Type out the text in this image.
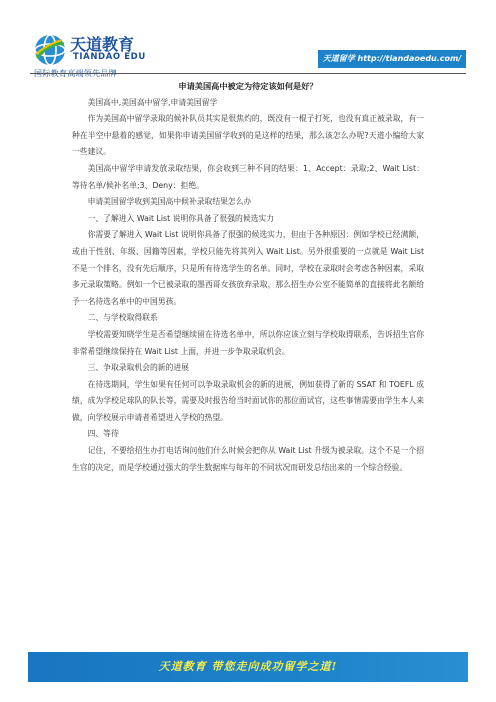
天道教育
TIANDAO EDU	天道留学 http://tiandaoedu.com/
申请美国高中被定为待定该如何是好？

美国高中,美国高中留学,申请美国留学

作为美国高中留学录取的候补队员其实是很焦灼的，既没有一棍子打死，也没有真正被录取，有一种在半空中悬着的感觉，如果你申请美国留学收到的是这样的结果，那么该怎么办呢?天道小编给大家一些建议。

美国高中留学申请发放录取结果，你会收到三种不同的结果：1、Accept：录取;2、Wait List：等待名单/候补名单;3、Deny：拒绝。

申请美国留学收到美国高中候补录取结果怎么办

一、了解进入 Wait List 说明你具备了很强的候选实力

你需要了解进入 Wait List 说明你具备了很强的候选实力，但由于各种原因：例如学校已经满额，或由于性别、年级、国籍等因素，学校只能先将其列入 Wait List。另外很重要的一点就是 Wait List 不是一个排名，没有先后顺序，只是所有待选学生的名单。同时，学校在录取时会考虑各种因素，采取多元录取策略。例如一个已被录取的墨西哥女孩放弃录取，那么招生办公室不能简单的直接将此名额给予一名待选名单中的中国男孩。

二、与学校取得联系

学校需要知晓学生是否希望继续留在待选名单中，所以你应该立刻与学校取得联系，告诉招生官你非常希望继续保持在 Wait List 上面，并进一步争取录取机会。

三、争取录取机会的新的进展

在待选期间，学生如果有任何可以争取录取机会的新的进展，例如获得了新的 SSAT 和 TOEFL 成绩，成为学校足球队的队长等，需要及时报告给当时面试你的那位面试官，这些事情需要由学生本人来做，向学校展示申请者希望进入学校的热望。

四、等待

记住，不要给招生办打电话询问他们什么时候会把你从 Wait List 升级为被录取。这个不是一个招生官的决定，而是学校通过强大的学生数据库与每年的不同状况而研发总结出来的一个综合经验。

天道教育 带您走向成功留学之道!
